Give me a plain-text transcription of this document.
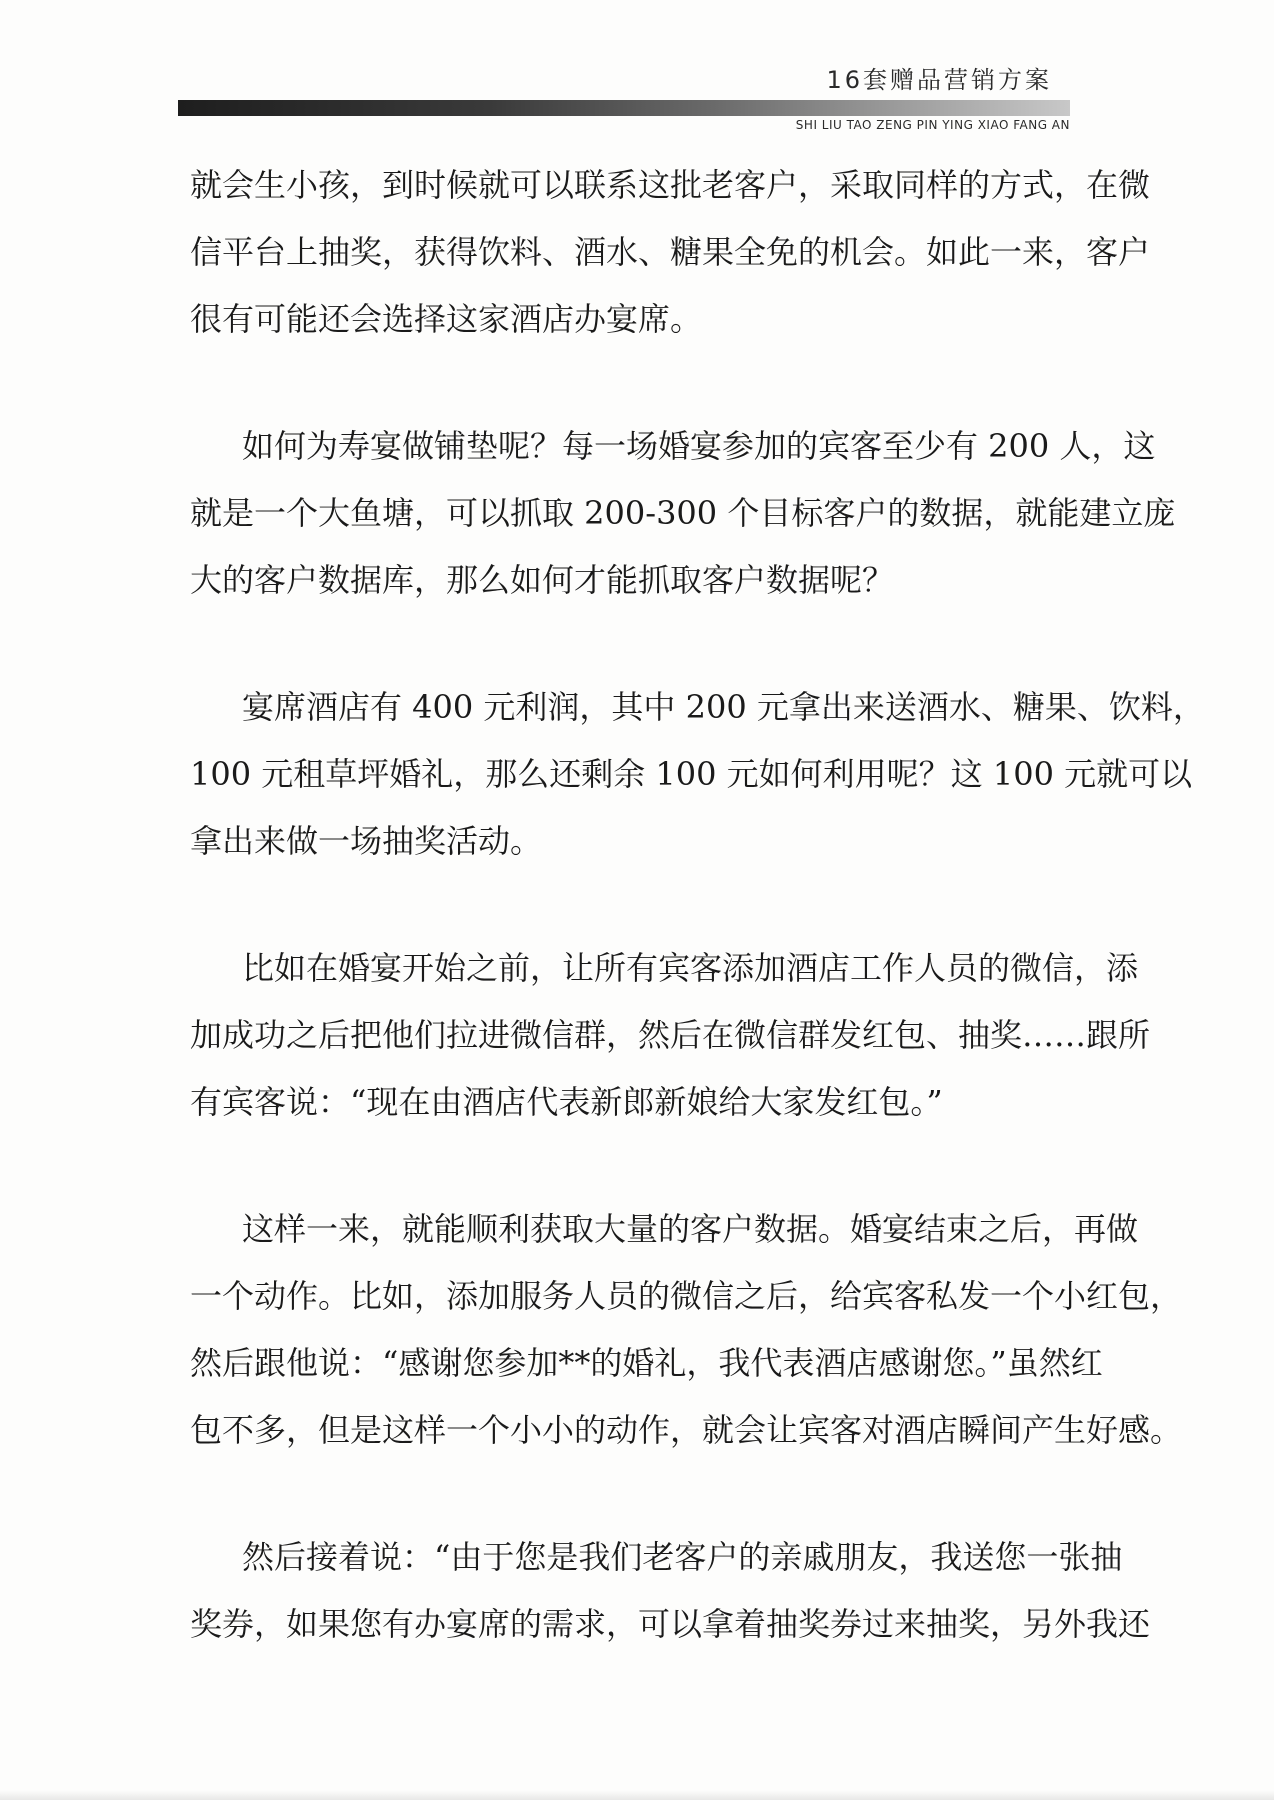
16套赠品营销方案
SHI LIU TAO ZENG PIN YING XIAO FANG AN

就会生小孩，到时候就可以联系这批老客户，采取同样的方式，在微
信平台上抽奖，获得饮料、酒水、糖果全免的机会。如此一来，客户
很有可能还会选择这家酒店办宴席。

如何为寿宴做铺垫呢？每一场婚宴参加的宾客至少有 200 人，这
就是一个大鱼塘，可以抓取 200-300 个目标客户的数据，就能建立庞
大的客户数据库，那么如何才能抓取客户数据呢？

宴席酒店有 400 元利润，其中 200 元拿出来送酒水、糖果、饮料，
100 元租草坪婚礼，那么还剩余 100 元如何利用呢？这 100 元就可以
拿出来做一场抽奖活动。

比如在婚宴开始之前，让所有宾客添加酒店工作人员的微信，添
加成功之后把他们拉进微信群，然后在微信群发红包、抽奖……跟所
有宾客说：“现在由酒店代表新郎新娘给大家发红包。”

这样一来，就能顺利获取大量的客户数据。婚宴结束之后，再做
一个动作。比如，添加服务人员的微信之后，给宾客私发一个小红包，
然后跟他说：“感谢您参加**的婚礼，我代表酒店感谢您。”虽然红
包不多，但是这样一个小小的动作，就会让宾客对酒店瞬间产生好感。

然后接着说：“由于您是我们老客户的亲戚朋友，我送您一张抽
奖券，如果您有办宴席的需求，可以拿着抽奖券过来抽奖，另外我还
